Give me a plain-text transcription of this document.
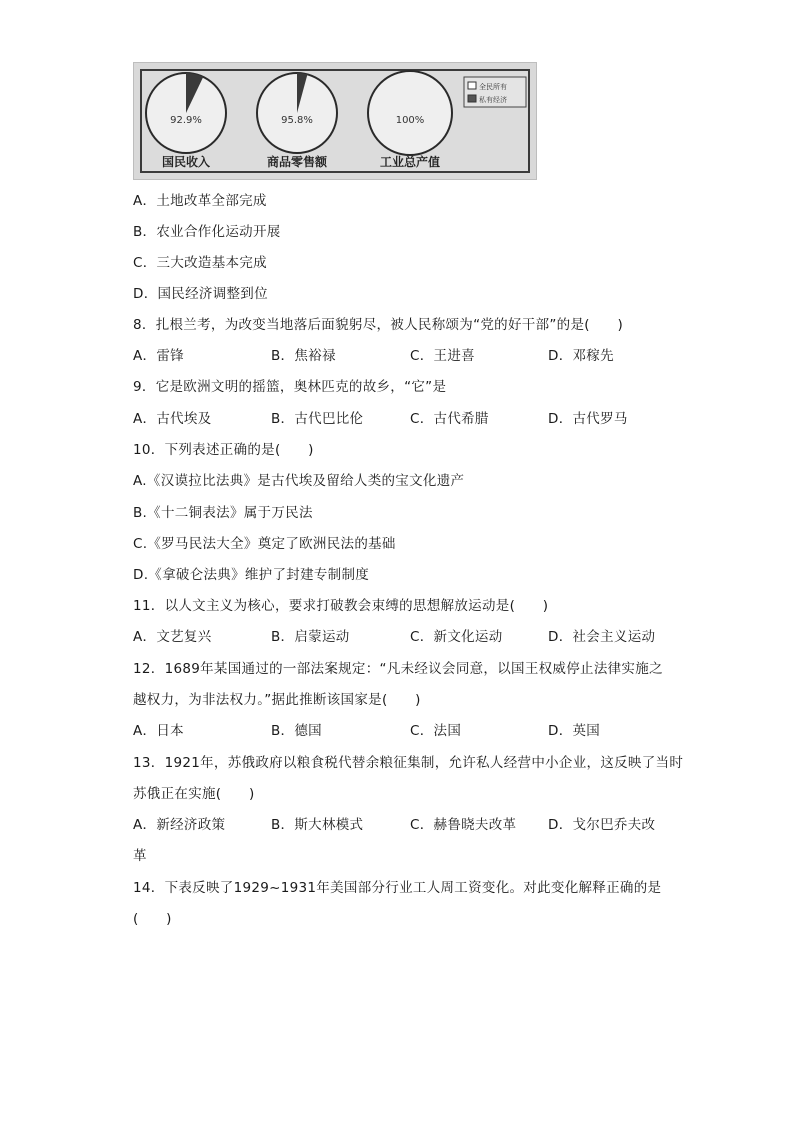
92.9%
国民收入
95.8%
商品零售额
100%
工业总产值
全民所有
私有经济
A．土地改革全部完成
B．农业合作化运动开展
C．三大改造基本完成
D．国民经济调整到位
8．扎根兰考，为改变当地落后面貌躬尽，被人民称颂为“党的好干部”的是(　　)
A．雷锋	B．焦裕禄	C．王进喜	D．邓稼先
9．它是欧洲文明的摇篮，奥林匹克的故乡，“它”是
A．古代埃及	B．古代巴比伦	C．古代希腊	D．古代罗马
10．下列表述正确的是(　　)
A.《汉谟拉比法典》是古代埃及留给人类的宝文化遗产
B.《十二铜表法》属于万民法
C.《罗马民法大全》奠定了欧洲民法的基础
D.《拿破仑法典》维护了封建专制制度
11．以人文主义为核心，要求打破教会束缚的思想解放运动是(　　)
A．文艺复兴	B．启蒙运动	C．新文化运动	D．社会主义运动
12．1689年某国通过的一部法案规定：“凡未经议会同意，以国王权威停止法律实施之
越权力，为非法权力。”据此推断该国家是(　　)
A．日本	B．德国	C．法国	D．英国
13．1921年，苏俄政府以粮食税代替余粮征集制，允许私人经营中小企业，这反映了当时
苏俄正在实施(　　)
A．新经济政策	B．斯大林模式	C．赫鲁晓夫改革 D．戈尔巴乔夫改
革
14．下表反映了1929~1931年美国部分行业工人周工资变化。对此变化解释正确的是
(　　)
